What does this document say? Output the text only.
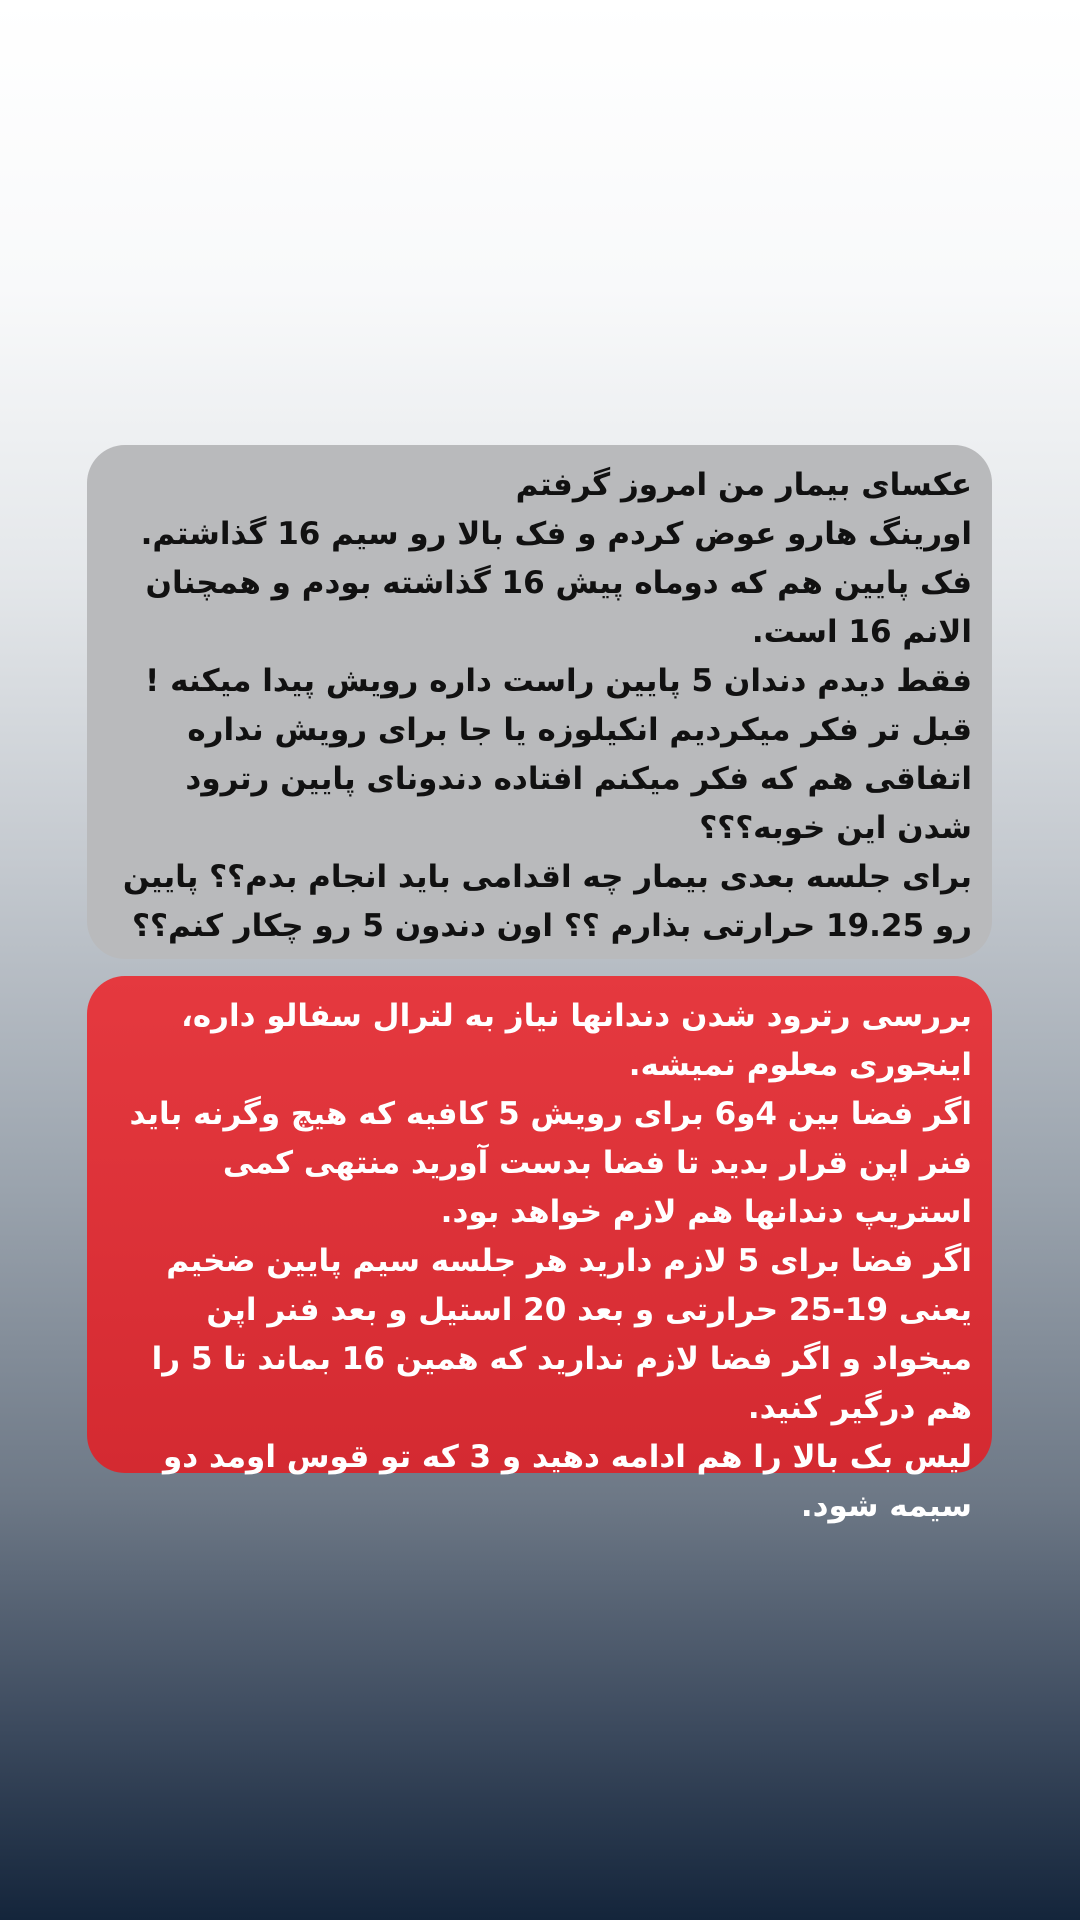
عکسای بیمار من امروز گرفتم

اورینگ هارو عوض کردم و فک بالا رو سیم 16 گذاشتم.

فک پایین هم که دوماه پیش 16 گذاشته بودم و همچنان الانم 16 است.

فقط دیدم دندان 5 پایین راست داره رویش پیدا میکنه ! قبل تر فکر میکردیم انکیلوزه یا جا برای رویش نداره

اتفاقی هم که فکر میکنم افتاده دندونای پایین رترود شدن این خوبه؟؟؟

برای جلسه بعدی بیمار چه اقدامی باید انجام بدم؟؟ پایین رو 19.25 حرارتی بذارم ؟؟ اون دندون 5 رو چکار کنم؟؟

بررسی رترود شدن دندانها نیاز به لترال سفالو داره، اینجوری معلوم نمیشه.

اگر فضا بین 4و6 برای رویش 5 کافیه که هیچ وگرنه باید فنر اپن قرار بدید تا فضا بدست آورید منتهی کمی استریپ دندانها هم لازم خواهد بود.

اگر فضا برای 5 لازم دارید هر جلسه سیم پایین ضخیم یعنی 19-25 حرارتی و بعد 20 استیل و بعد فنر اپن میخواد و اگر فضا لازم ندارید که همین 16 بماند تا 5 را هم درگیر کنید.

لیس بک بالا را هم ادامه دهید و 3 که تو قوس اومد دو سیمه شود.
